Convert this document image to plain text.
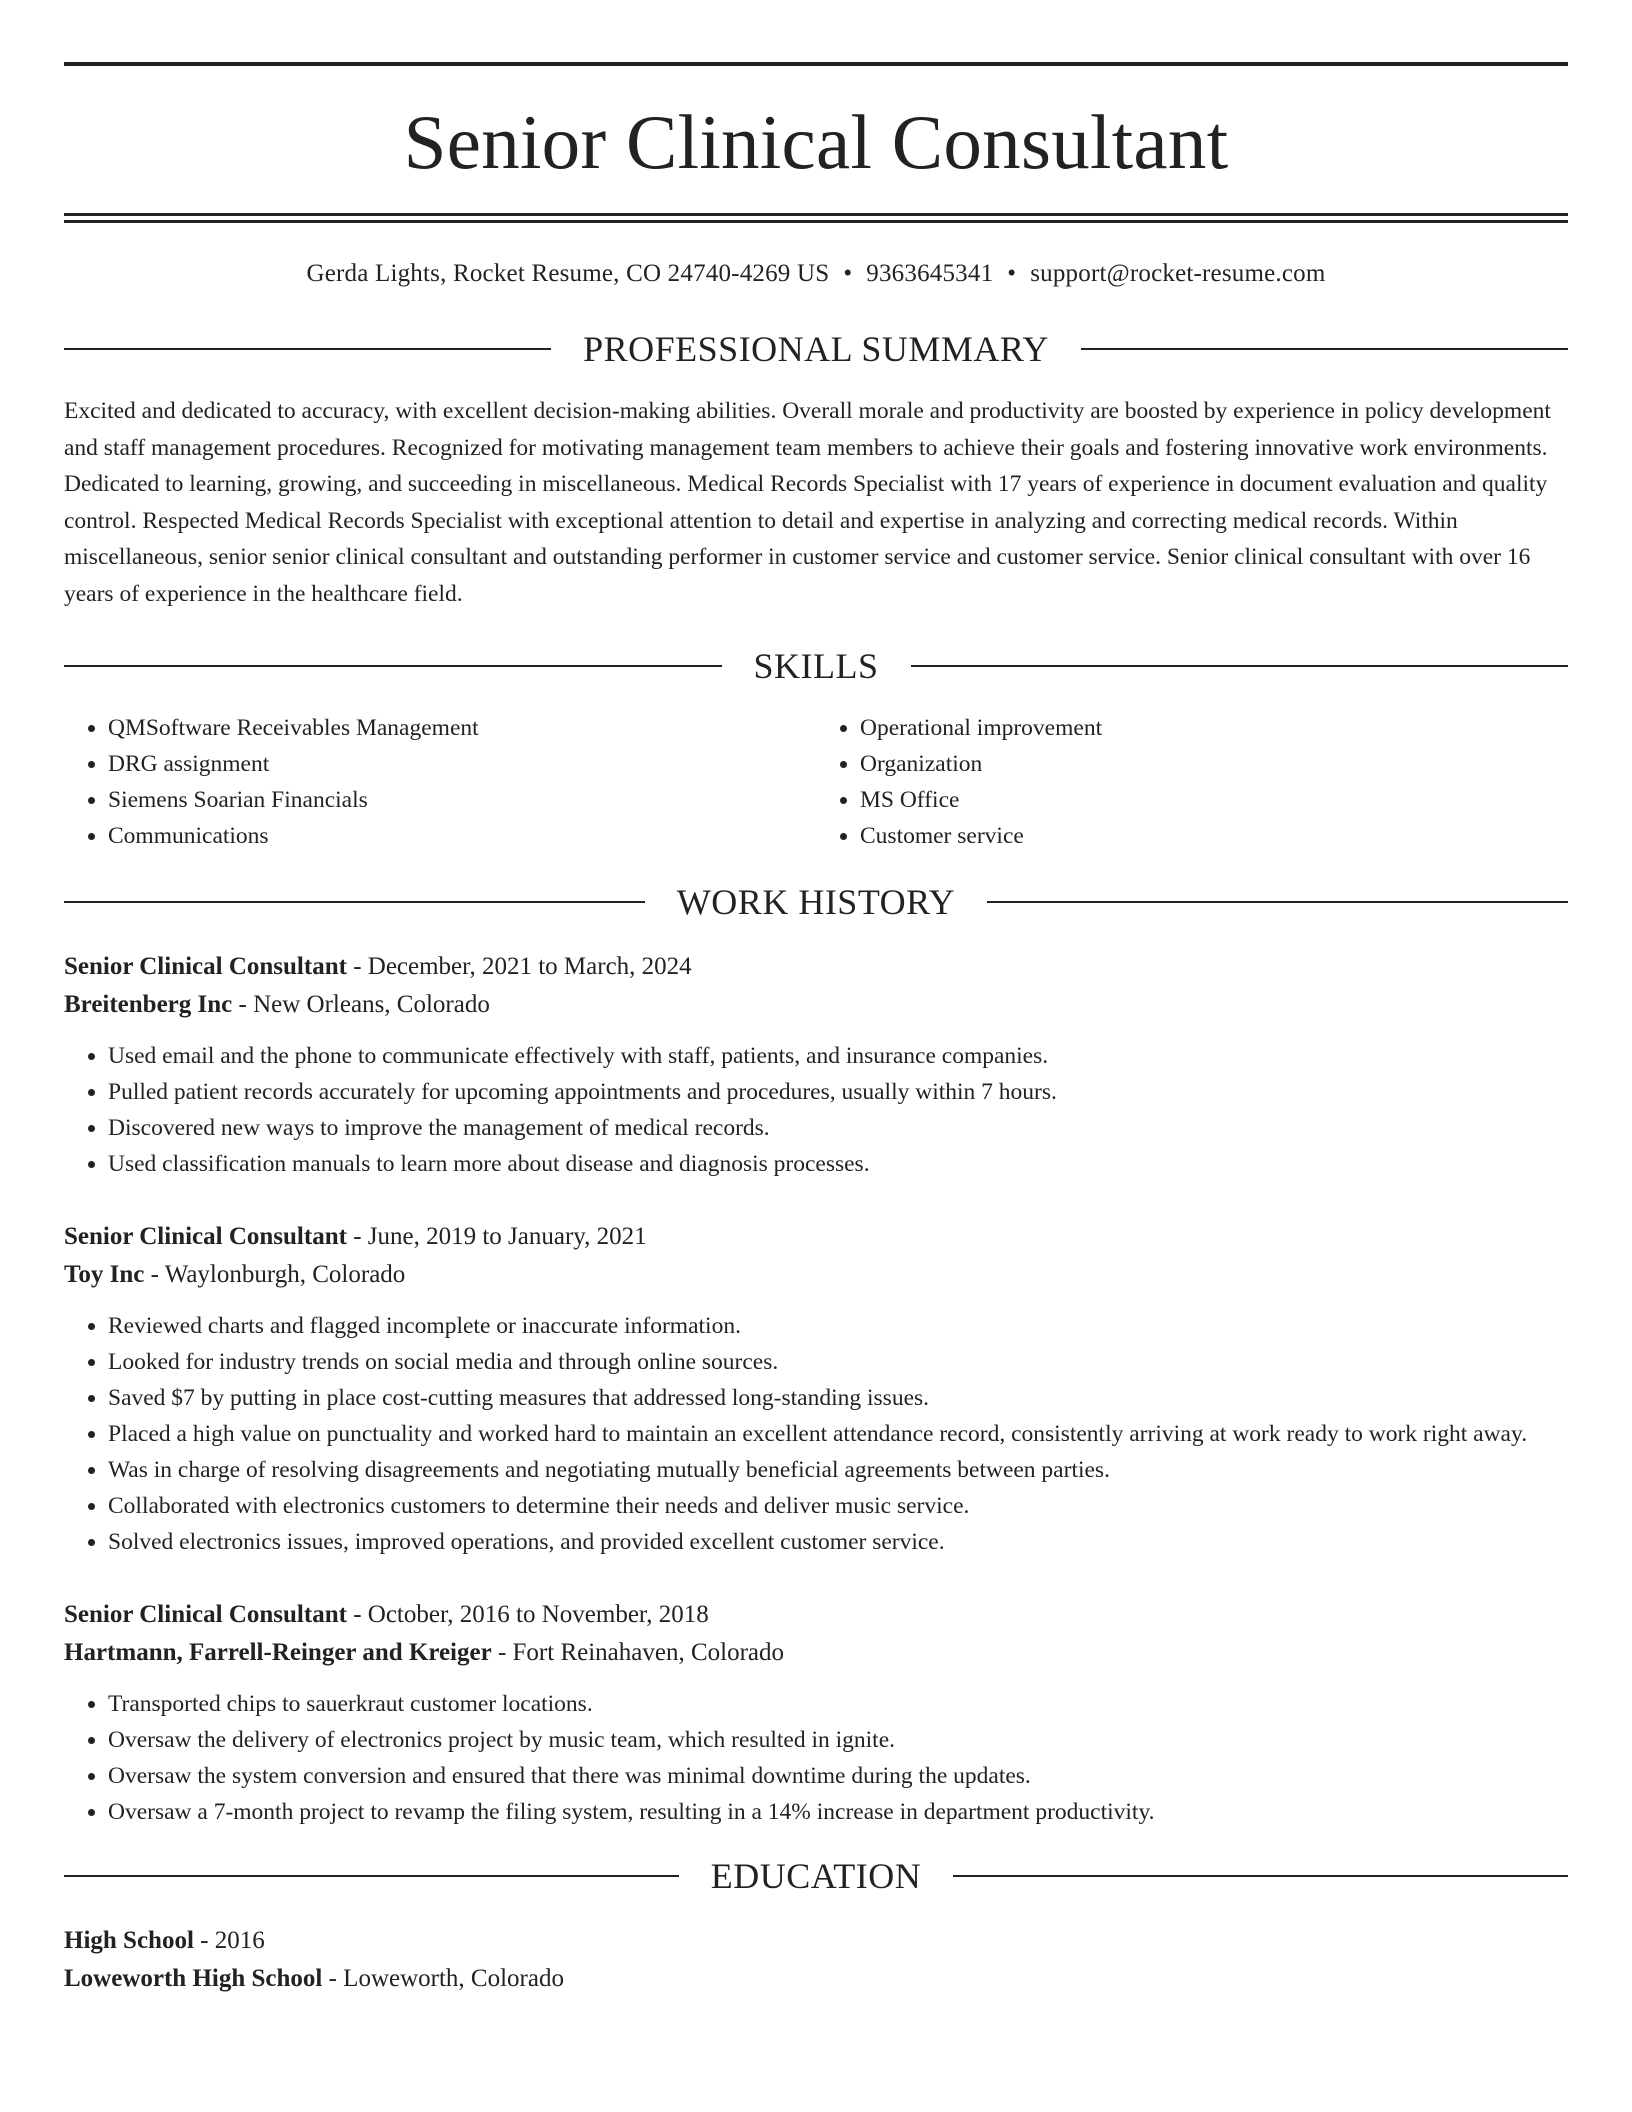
Senior Clinical Consultant
Gerda Lights, Rocket Resume, CO 24740-4269 US • 9363645341 • support@rocket-resume.com
PROFESSIONAL SUMMARY

Excited and dedicated to accuracy, with excellent decision-making abilities. Overall morale and productivity are boosted by experience in policy development and staff management procedures. Recognized for motivating management team members to achieve their goals and fostering innovative work environments. Dedicated to learning, growing, and succeeding in miscellaneous. Medical Records Specialist with 17 years of experience in document evaluation and quality control. Respected Medical Records Specialist with exceptional attention to detail and expertise in analyzing and correcting medical records. Within miscellaneous, senior senior clinical consultant and outstanding performer in customer service and customer service. Senior clinical consultant with over 16 years of experience in the healthcare field.

SKILLS
• QMSoftware Receivables Management
• DRG assignment
• Siemens Soarian Financials
• Communications
• Operational improvement
• Organization
• MS Office
• Customer service
WORK HISTORY

Senior Clinical Consultant - December, 2021 to March, 2024

Breitenberg Inc - New Orleans, Colorado

• Used email and the phone to communicate effectively with staff, patients, and insurance companies.
• Pulled patient records accurately for upcoming appointments and procedures, usually within 7 hours.
• Discovered new ways to improve the management of medical records.
• Used classification manuals to learn more about disease and diagnosis processes.

Senior Clinical Consultant - June, 2019 to January, 2021

Toy Inc - Waylonburgh, Colorado

• Reviewed charts and flagged incomplete or inaccurate information.
• Looked for industry trends on social media and through online sources.
• Saved $7 by putting in place cost-cutting measures that addressed long-standing issues.
• Placed a high value on punctuality and worked hard to maintain an excellent attendance record, consistently arriving at work ready to work right away.
• Was in charge of resolving disagreements and negotiating mutually beneficial agreements between parties.
• Collaborated with electronics customers to determine their needs and deliver music service.
• Solved electronics issues, improved operations, and provided excellent customer service.

Senior Clinical Consultant - October, 2016 to November, 2018

Hartmann, Farrell-Reinger and Kreiger - Fort Reinahaven, Colorado

• Transported chips to sauerkraut customer locations.
• Oversaw the delivery of electronics project by music team, which resulted in ignite.
• Oversaw the system conversion and ensured that there was minimal downtime during the updates.
• Oversaw a 7-month project to revamp the filing system, resulting in a 14% increase in department productivity.
EDUCATION

High School - 2016

Loweworth High School - Loweworth, Colorado
